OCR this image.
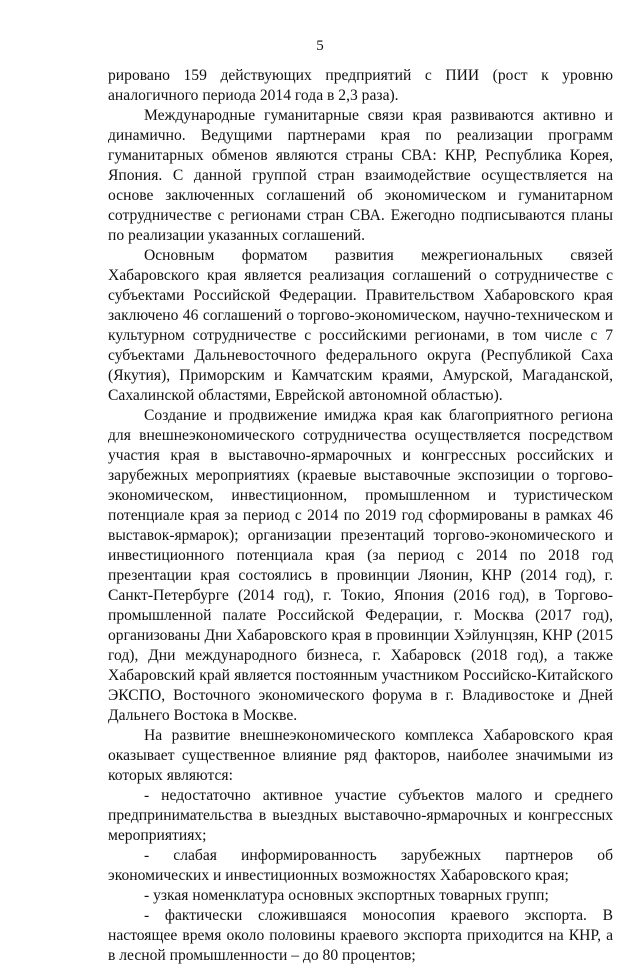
5

рировано 159 действующих предприятий с ПИИ (рост к уровню аналогичного периода 2014 года в 2,3 раза).

Международные гуманитарные связи края развиваются активно и динамично. Ведущими партнерами края по реализации программ гуманитарных обменов являются страны СВА: КНР, Республика Корея, Япония. С данной группой стран взаимодействие осуществляется на основе заключенных соглашений об экономическом и гуманитарном сотрудничестве с регионами стран СВА. Ежегодно подписываются планы по реализации указанных соглашений.

Основным форматом развития межрегиональных связей Хабаровского края является реализация соглашений о сотрудничестве с субъектами Российской Федерации. Правительством Хабаровского края заключено 46 соглашений о торгово-экономическом, научно-техническом и культурном сотрудничестве с российскими регионами, в том числе с 7 субъектами Дальневосточного федерального округа (Республикой Саха (Якутия), Приморским и Камчатским краями, Амурской, Магаданской, Сахалинской областями, Еврейской автономной областью).

Создание и продвижение имиджа края как благоприятного региона для внешнеэкономического сотрудничества осуществляется посредством участия края в выставочно-ярмарочных и конгрессных российских и зарубежных мероприятиях (краевые выставочные экспозиции о торгово-экономическом, инвестиционном, промышленном и туристическом потенциале края за период с 2014 по 2019 год сформированы в рамках 46 выставок-ярмарок); организации презентаций торгово-экономического и инвестиционного потенциала края (за период с 2014 по 2018 год презентации края состоялись в провинции Ляонин, КНР (2014 год), г. Санкт-Петербурге (2014 год), г. Токио, Япония (2016 год), в Торгово-промышленной палате Российской Федерации, г. Москва (2017 год), организованы Дни Хабаровского края в провинции Хэйлунцзян, КНР (2015 год), Дни международного бизнеса, г. Хабаровск (2018 год), а также Хабаровский край является постоянным участником Российско-Китайского ЭКСПО, Восточного экономического форума в г. Владивостоке и Дней Дальнего Востока в Москве.

На развитие внешнеэкономического комплекса Хабаровского края оказывает существенное влияние ряд факторов, наиболее значимыми из которых являются:

- недостаточно активное участие субъектов малого и среднего предпринимательства в выездных выставочно-ярмарочных и конгрессных мероприятиях;

- слабая информированность зарубежных партнеров об экономических и инвестиционных возможностях Хабаровского края;

- узкая номенклатура основных экспортных товарных групп;

- фактически сложившаяся моносопия краевого экспорта. В настоящее время около половины краевого экспорта приходится на КНР, а в лесной промышленности – до 80 процентов;
